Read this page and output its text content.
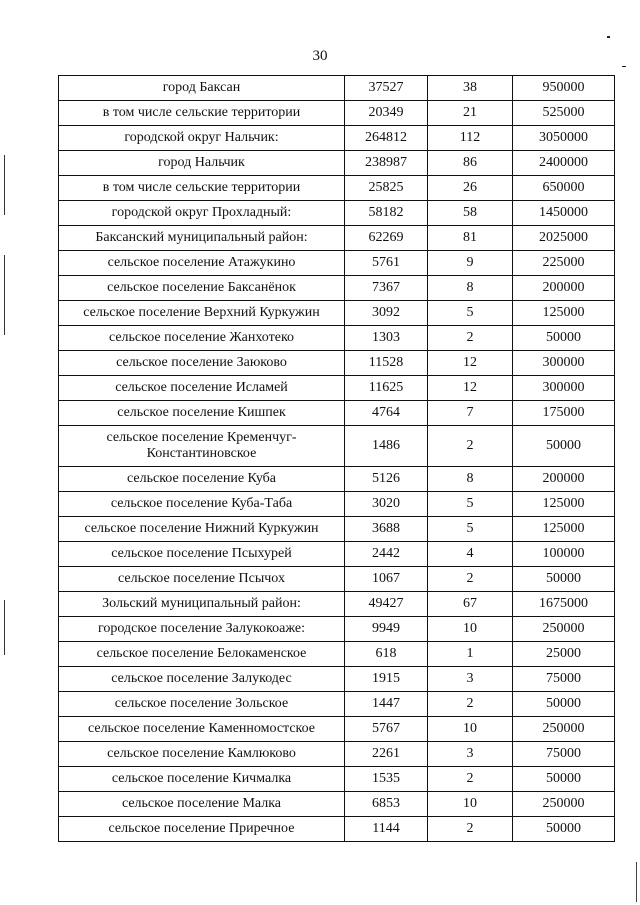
30
город Баксан	37527	38	950000
в том числе сельские территории	20349	21	525000
городской округ Нальчик:	264812	112	3050000
город Нальчик	238987	86	2400000
в том числе сельские территории	25825	26	650000
городской округ Прохладный:	58182	58	1450000
Баксанский муниципальный район:	62269	81	2025000
сельское поселение Атажукино	5761	9	225000
сельское поселение Баксанёнок	7367	8	200000
сельское поселение Верхний Куркужин	3092	5	125000
сельское поселение Жанхотеко	1303	2	50000
сельское поселение Заюково	11528	12	300000
сельское поселение Исламей	11625	12	300000
сельское поселение Кишпек	4764	7	175000
сельское поселение Кременчуг-Константиновское	1486	2	50000
сельское поселение Куба	5126	8	200000
сельское поселение Куба-Таба	3020	5	125000
сельское поселение Нижний Куркужин	3688	5	125000
сельское поселение Псыхурей	2442	4	100000
сельское поселение Псычох	1067	2	50000
Зольский муниципальный район:	49427	67	1675000
городское поселение Залукокоаже:	9949	10	250000
сельское поселение Белокаменское	618	1	25000
сельское поселение Залукодес	1915	3	75000
сельское поселение Зольское	1447	2	50000
сельское поселение Каменномостское	5767	10	250000
сельское поселение Камлюково	2261	3	75000
сельское поселение Кичмалка	1535	2	50000
сельское поселение Малка	6853	10	250000
сельское поселение Приречное	1144	2	50000
